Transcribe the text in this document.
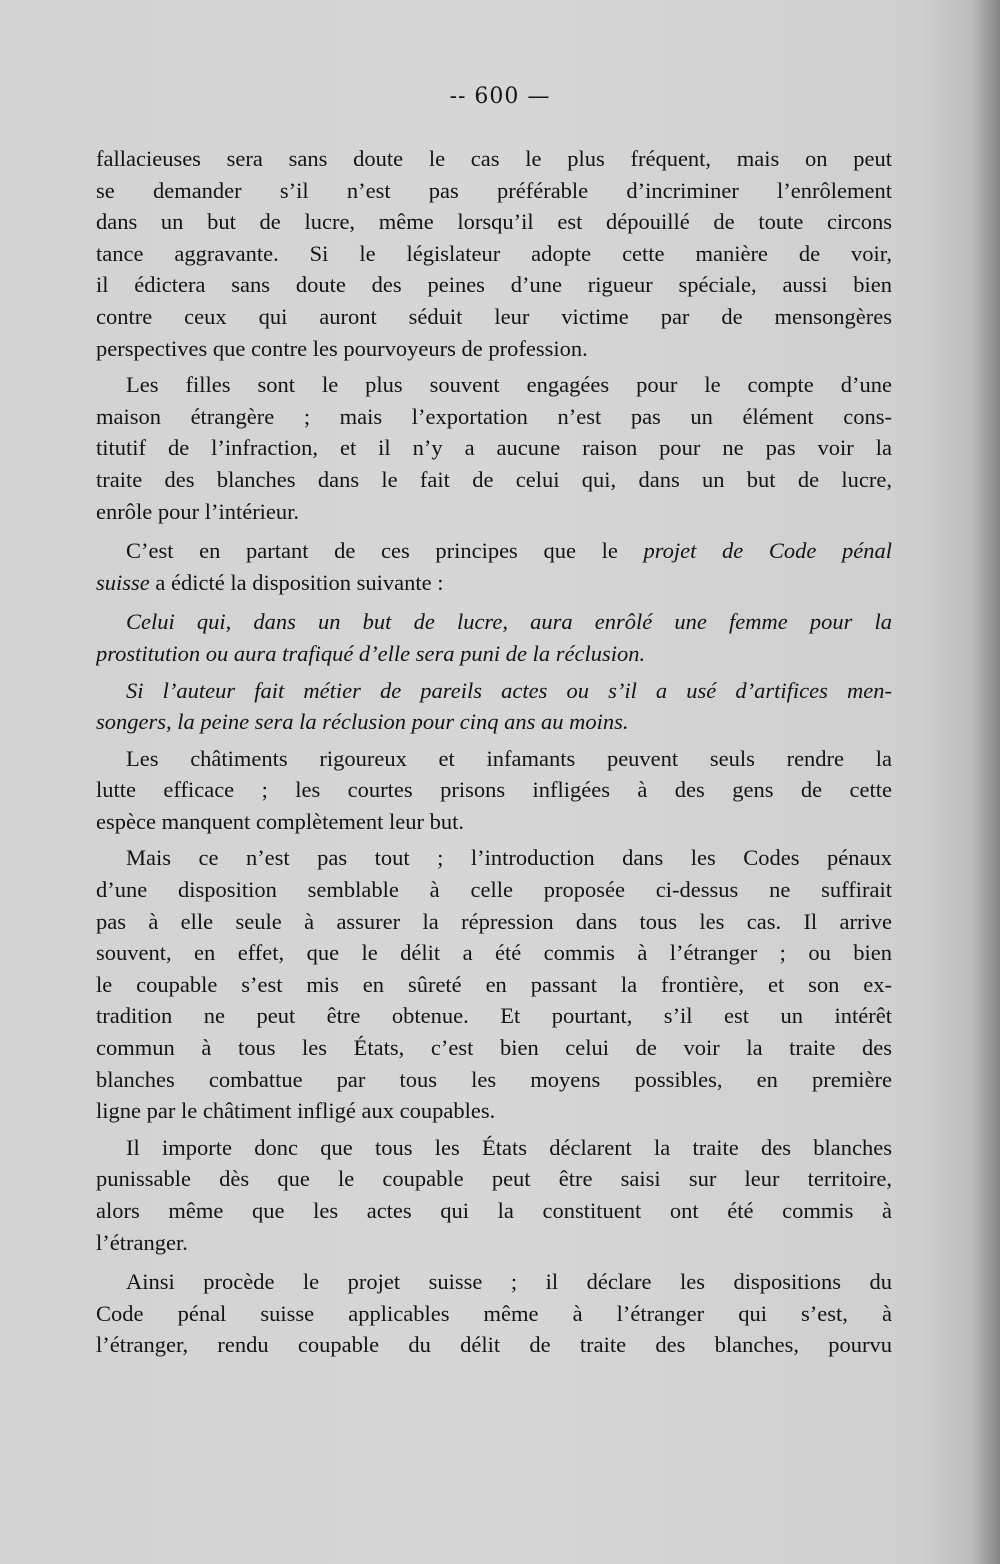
-- 600 —
fallacieuses sera sans doute le cas le plus fréquent, mais on peut
se demander s’il n’est pas préférable d’incriminer l’enrôlement
dans un but de lucre, même lorsqu’il est dépouillé de toute circons
tance aggravante. Si le législateur adopte cette manière de voir,
il édictera sans doute des peines d’une rigueur spéciale, aussi bien
contre ceux qui auront séduit leur victime par de mensongères
perspectives que contre les pourvoyeurs de profession.
Les filles sont le plus souvent engagées pour le compte d’une
maison étrangère ; mais l’exportation n’est pas un élément cons-
titutif de l’infraction, et il n’y a aucune raison pour ne pas voir la
traite des blanches dans le fait de celui qui, dans un but de lucre,
enrôle pour l’intérieur.
C’est en partant de ces principes que le projet de Code pénal
suisse a édicté la disposition suivante :
Celui qui, dans un but de lucre, aura enrôlé une femme pour la
prostitution ou aura trafiqué d’elle sera puni de la réclusion.
Si l’auteur fait métier de pareils actes ou s’il a usé d’artifices men-
songers, la peine sera la réclusion pour cinq ans au moins.
Les châtiments rigoureux et infamants peuvent seuls rendre la
lutte efficace ; les courtes prisons infligées à des gens de cette
espèce manquent complètement leur but.
Mais ce n’est pas tout ; l’introduction dans les Codes pénaux
d’une disposition semblable à celle proposée ci-dessus ne suffirait
pas à elle seule à assurer la répression dans tous les cas. Il arrive
souvent, en effet, que le délit a été commis à l’étranger ; ou bien
le coupable s’est mis en sûreté en passant la frontière, et son ex-
tradition ne peut être obtenue. Et pourtant, s’il est un intérêt
commun à tous les États, c’est bien celui de voir la traite des
blanches combattue par tous les moyens possibles, en première
ligne par le châtiment infligé aux coupables.
Il importe donc que tous les États déclarent la traite des blanches
punissable dès que le coupable peut être saisi sur leur territoire,
alors même que les actes qui la constituent ont été commis à
l’étranger.
Ainsi procède le projet suisse ; il déclare les dispositions du
Code pénal suisse applicables même à l’étranger qui s’est, à
l’étranger, rendu coupable du délit de traite des blanches, pourvu
